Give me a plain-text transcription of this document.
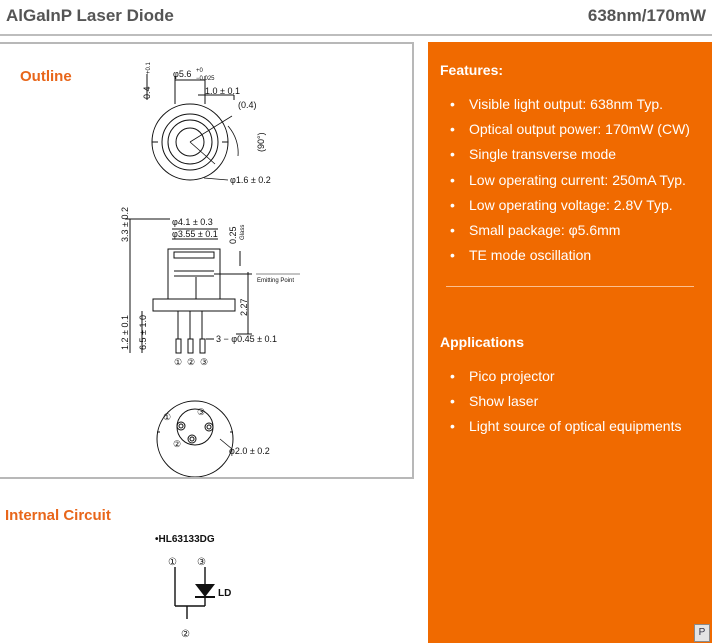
AlGaInP Laser Diode	638nm/170mW
Outline	φ5.6 +0
−0.025
1.0 ± 0.1
(0.4)
0.4
+0.1
(90°)
φ1.6 ± 0.2
φ4.1 ± 0.3
φ3.55 ± 0.1
3.3 ± 0.2	0.25 Glass
Emitting Point
2.27
1.2 ± 0.1 6.5 ± 1.0	3 − φ0.45 ± 0.1
① ② ③
①
②
③
φ2.0 ± 0.2
Features:
• Visible light output: 638nm Typ.
• Optical output power: 170mW (CW)
• Single transverse mode
• Low operating current: 250mA Typ.
• Low operating voltage: 2.8V Typ.
• Small package: φ5.6mm
• TE mode oscillation
Applications
• Pico projector
• Show laser
• Light source of optical equipments
Internal Circuit
•HL63133DG
① ③
LD
②	P
